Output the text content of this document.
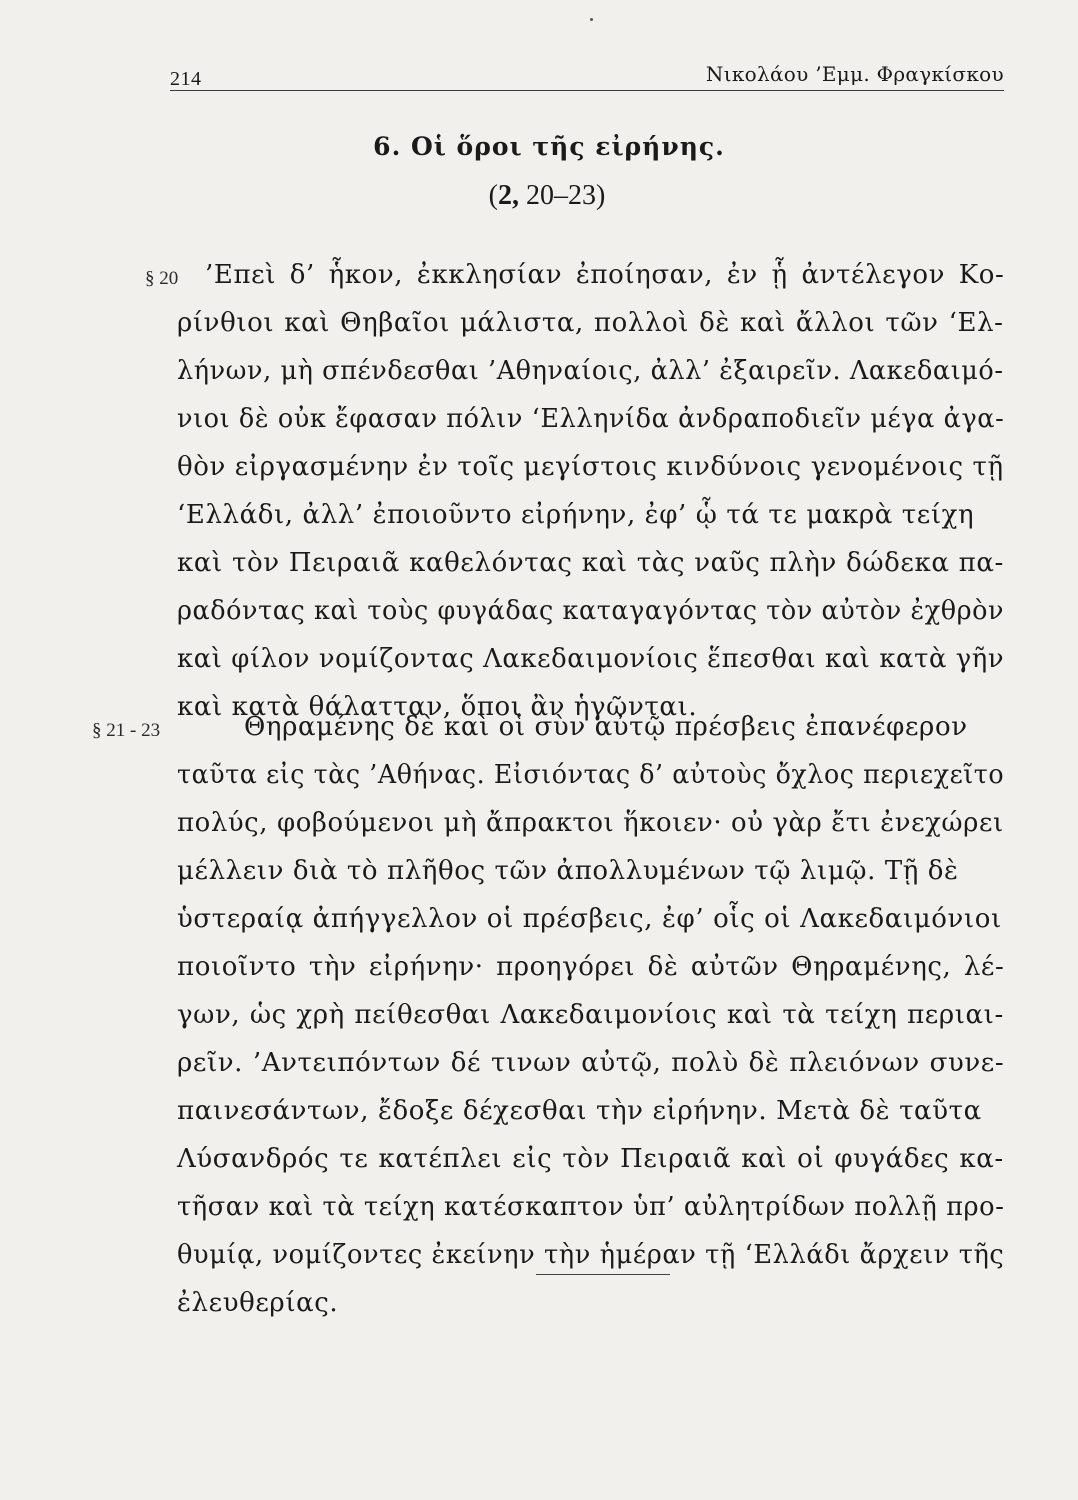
214	Νικολάου ’Εμμ. Φραγκίσκου
6. Οἱ ὅροι τῆς εἰρήνης.
(2, 20–23)
§ 20 ’Επεὶ δ’ ἧκον, ἐκκλησίαν ἐποίησαν, ἐν ᾗ ἀντέλεγον Κο-
ρίνθιοι καὶ Θηβαῖοι μάλιστα, πολλοὶ δὲ καὶ ἄλλοι τῶν ‘Ελ-
λήνων, μὴ σπένδεσθαι ’Αθηναίοις, ἀλλ’ ἐξαιρεῖν. Λακεδαιμό-
νιοι δὲ οὐκ ἔφασαν πόλιν ‘Ελληνίδα ἀνδραποδιεῖν μέγα ἀγα-
θὸν εἰργασμένην ἐν τοῖς μεγίστοις κινδύνοις γενομένοις τῇ
‘Ελλάδι, ἀλλ’ ἐποιοῦντο εἰρήνην, ἐφ’ ᾧ τά τε μακρὰ τείχη
καὶ τὸν Πειραιᾶ καθελόντας καὶ τὰς ναῦς πλὴν δώδεκα πα-
ραδόντας καὶ τοὺς φυγάδας καταγαγόντας τὸν αὐτὸν ἐχθρὸν
καὶ φίλον νομίζοντας Λακεδαιμονίοις ἕπεσθαι καὶ κατὰ γῆν
καὶ κατὰ θάλατταν, ὅποι ἂν ἡγῶνται.
§ 21 - 23	Θηραμένης δὲ καὶ οἱ σὺν αὐτῷ πρέσβεις ἐπανέφερον
ταῦτα εἰς τὰς ’Αθήνας. Εἰσιόντας δ’ αὐτοὺς ὄχλος περιεχεῖτο
πολύς, φοβούμενοι μὴ ἄπρακτοι ἥκοιεν· οὐ γὰρ ἔτι ἐνεχώρει
μέλλειν διὰ τὸ πλῆθος τῶν ἀπολλυμένων τῷ λιμῷ. Τῇ δὲ
ὑστεραίᾳ ἀπήγγελλον οἱ πρέσβεις, ἐφ’ οἷς οἱ Λακεδαιμόνιοι
ποιοῖντο τὴν εἰρήνην· προηγόρει δὲ αὐτῶν Θηραμένης, λέ-
γων, ὡς χρὴ πείθεσθαι Λακεδαιμονίοις καὶ τὰ τείχη περιαι-
ρεῖν. ’Αντειπόντων δέ τινων αὐτῷ, πολὺ δὲ πλειόνων συνε-
παινεσάντων, ἔδοξε δέχεσθαι τὴν εἰρήνην. Μετὰ δὲ ταῦτα
Λύσανδρός τε κατέπλει εἰς τὸν Πειραιᾶ καὶ οἱ φυγάδες κα-
τῆσαν καὶ τὰ τείχη κατέσκαπτον ὑπ’ αὐλητρίδων πολλῇ προ-
θυμίᾳ, νομίζοντες ἐκείνην τὴν ἡμέραν τῇ ‘Ελλάδι ἄρχειν τῆς
ἐλευθερίας.
